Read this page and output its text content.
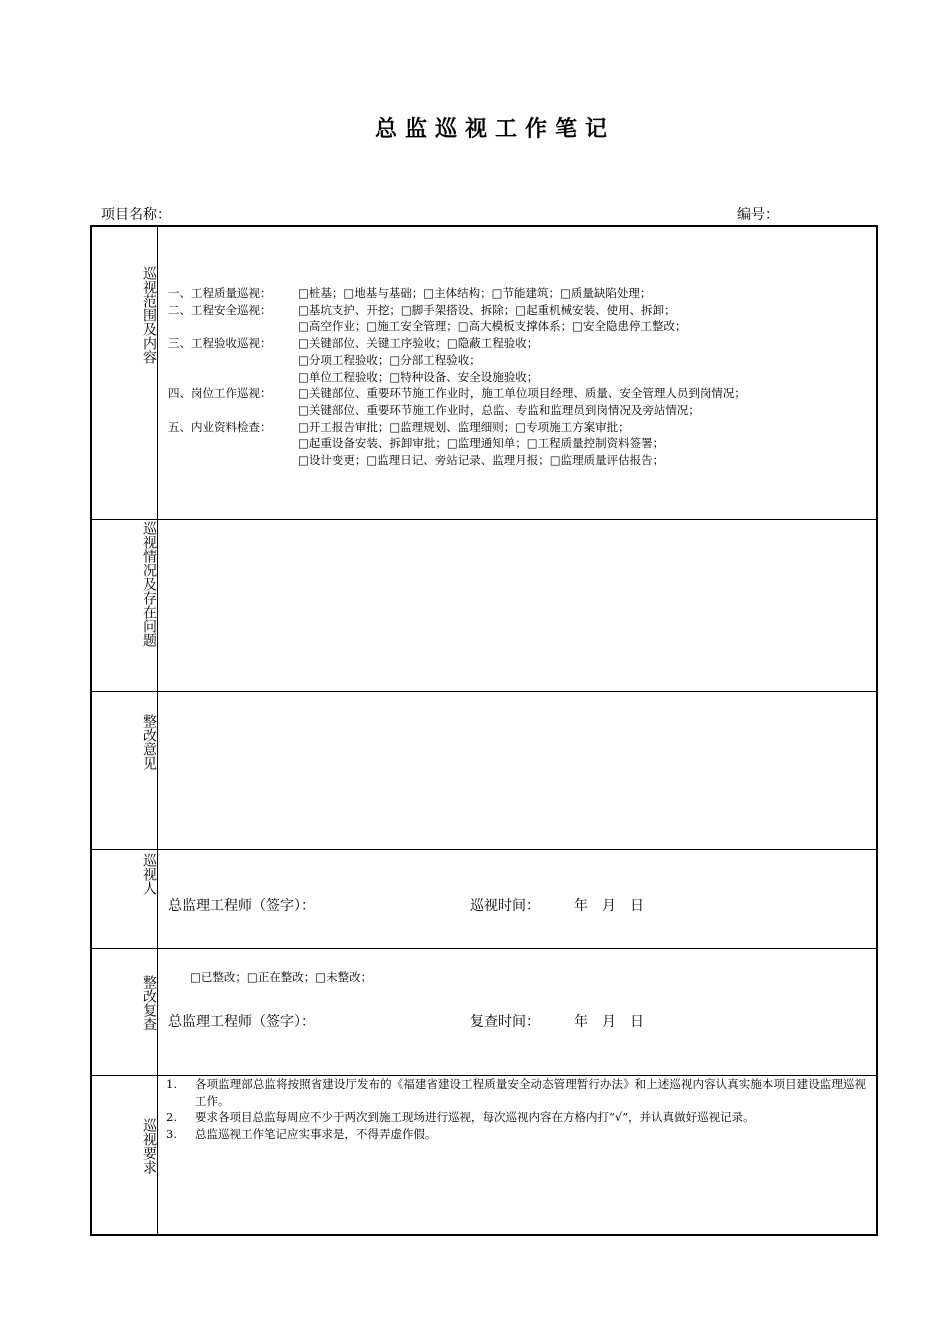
总监巡视工作笔记
项目名称：	编号：
巡视范围及内容 一、工程质量巡视：	□桩基；□地基与基础；□主体结构；□节能建筑；□质量缺陷处理；
二、工程安全巡视：	□基坑支护、开挖；□脚手架搭设、拆除；□起重机械安装、使用、拆卸；
□高空作业；□施工安全管理；□高大模板支撑体系；□安全隐患停工整改；
三、工程验收巡视：	□关键部位、关键工序验收；□隐蔽工程验收；
□分项工程验收；□分部工程验收；
□单位工程验收；□特种设备、安全设施验收；
四、岗位工作巡视：	□关键部位、重要环节施工作业时，施工单位项目经理、质量、安全管理人员到岗情况；
□关键部位、重要环节施工作业时，总监、专监和监理员到岗情况及旁站情况；
五、内业资料检查：	□开工报告审批；□监理规划、监理细则；□专项施工方案审批；
□起重设备安装、拆卸审批；□监理通知单；□工程质量控制资料签署；
□设计变更；□监理日记、旁站记录、监理月报；□监理质量评估报告；
巡视情况及存在问题
整改意见
巡视人
总监理工程师（签字）：	巡视时间： 年　月　日
整改复查	□已整改；□正在整改；□未整改；
总监理工程师（签字）：	复查时间： 年　月　日
巡视要求
1.	各项监理部总监将按照省建设厅发布的《福建省建设工程质量安全动态管理暂行办法》和上述巡视内容认真实施本项目建设监理巡视工作。
2.	要求各项目总监每周应不少于两次到施工现场进行巡视，每次巡视内容在方格内打“√”，并认真做好巡视记录。
3.	总监巡视工作笔记应实事求是，不得弄虚作假。
